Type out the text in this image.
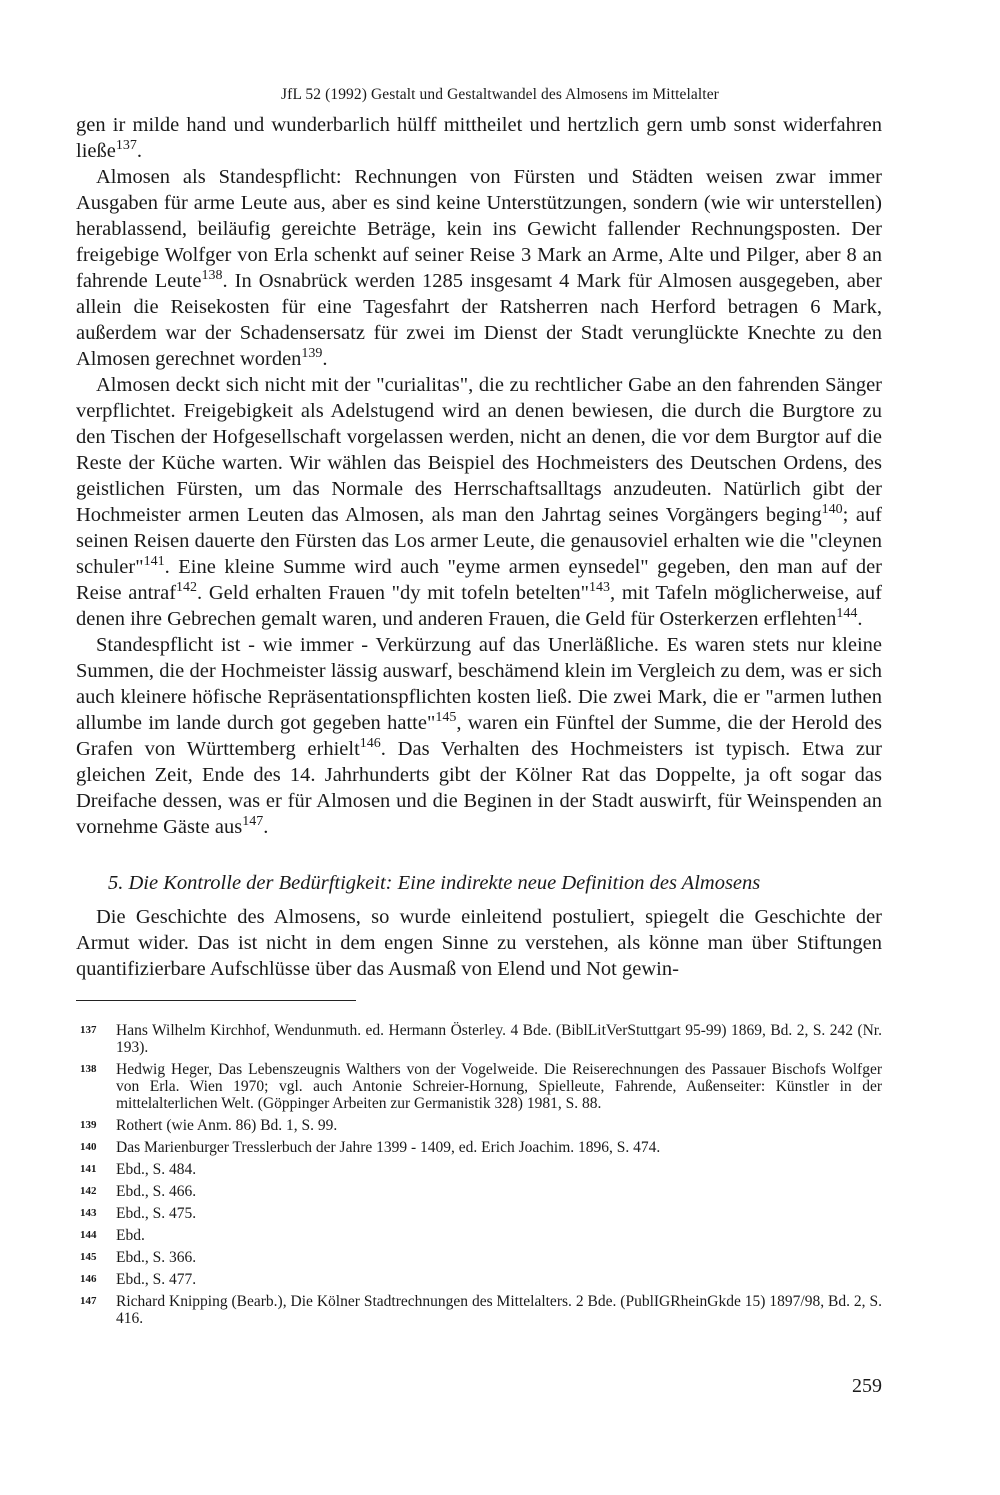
JfL 52 (1992) Gestalt und Gestaltwandel des Almosens im Mittelalter

gen ir milde hand und wunderbarlich hülff mittheilet und hertzlich gern umb sonst widerfahren ließe$^{137}$.

Almosen als Standespflicht: Rechnungen von Fürsten und Städten weisen zwar immer Ausgaben für arme Leute aus, aber es sind keine Unterstützungen, sondern (wie wir unterstellen) herablassend, beiläufig gereichte Beträge, kein ins Gewicht fallender Rechnungsposten. Der freigebige Wolfger von Erla schenkt auf seiner Reise 3 Mark an Arme, Alte und Pilger, aber 8 an fahrende Leute$^{138}$. In Osnabrück werden 1285 insgesamt 4 Mark für Almosen ausgegeben, aber allein die Reisekosten für eine Tagesfahrt der Ratsherren nach Herford betragen 6 Mark, außerdem war der Schadensersatz für zwei im Dienst der Stadt verunglückte Knechte zu den Almosen gerechnet worden$^{139}$.

Almosen deckt sich nicht mit der "curialitas", die zu rechtlicher Gabe an den fahrenden Sänger verpflichtet. Freigebigkeit als Adelstugend wird an denen bewiesen, die durch die Burgtore zu den Tischen der Hofgesellschaft vorgelassen werden, nicht an denen, die vor dem Burgtor auf die Reste der Küche warten. Wir wählen das Beispiel des Hochmeisters des Deutschen Ordens, des geistlichen Fürsten, um das Normale des Herrschaftsalltags anzudeuten. Natürlich gibt der Hochmeister armen Leuten das Almosen, als man den Jahrtag seines Vorgängers beging$^{140}$; auf seinen Reisen dauerte den Fürsten das Los armer Leute, die genausoviel erhalten wie die "cleynen schuler"$^{141}$. Eine kleine Summe wird auch "eyme armen eynsedel" gegeben, den man auf der Reise antraf$^{142}$. Geld erhalten Frauen "dy mit tofeln betelten"$^{143}$, mit Tafeln möglicherweise, auf denen ihre Gebrechen gemalt waren, und anderen Frauen, die Geld für Osterkerzen erflehten$^{144}$.

Standespflicht ist - wie immer - Verkürzung auf das Unerläßliche. Es waren stets nur kleine Summen, die der Hochmeister lässig auswarf, beschämend klein im Vergleich zu dem, was er sich auch kleinere höfische Repräsentationspflichten kosten ließ. Die zwei Mark, die er "armen luthen allumbe im lande durch got gegeben hatte"$^{145}$, waren ein Fünftel der Summe, die der Herold des Grafen von Württemberg erhielt$^{146}$. Das Verhalten des Hochmeisters ist typisch. Etwa zur gleichen Zeit, Ende des 14. Jahrhunderts gibt der Kölner Rat das Doppelte, ja oft sogar das Dreifache dessen, was er für Almosen und die Beginen in der Stadt auswirft, für Weinspenden an vornehme Gäste aus$^{147}$.

5. Die Kontrolle der Bedürftigkeit: Eine indirekte neue Definition des Almosens

Die Geschichte des Almosens, so wurde einleitend postuliert, spiegelt die Geschichte der Armut wider. Das ist nicht in dem engen Sinne zu verstehen, als könne man über Stiftungen quantifizierbare Aufschlüsse über das Ausmaß von Elend und Not gewin-

137	Hans Wilhelm Kirchhof, Wendunmuth. ed. Hermann Österley. 4 Bde. (BiblLitVerStuttgart 95-99) 1869, Bd. 2, S. 242 (Nr. 193).
138	Hedwig Heger, Das Lebenszeugnis Walthers von der Vogelweide. Die Reiserechnungen des Passauer Bischofs Wolfger von Erla. Wien 1970; vgl. auch Antonie Schreier-Hornung, Spielleute, Fahrende, Außenseiter: Künstler in der mittelalterlichen Welt. (Göppinger Arbeiten zur Germanistik 328) 1981, S. 88.
139	Rothert (wie Anm. 86) Bd. 1, S. 99.
140	Das Marienburger Tresslerbuch der Jahre 1399 - 1409, ed. Erich Joachim. 1896, S. 474.
141	Ebd., S. 484.
142	Ebd., S. 466.
143	Ebd., S. 475.
144	Ebd.
145	Ebd., S. 366.
146	Ebd., S. 477.
147	Richard Knipping (Bearb.), Die Kölner Stadtrechnungen des Mittelalters. 2 Bde. (PublIGRheinGkde 15) 1897/98, Bd. 2, S. 416.
259
